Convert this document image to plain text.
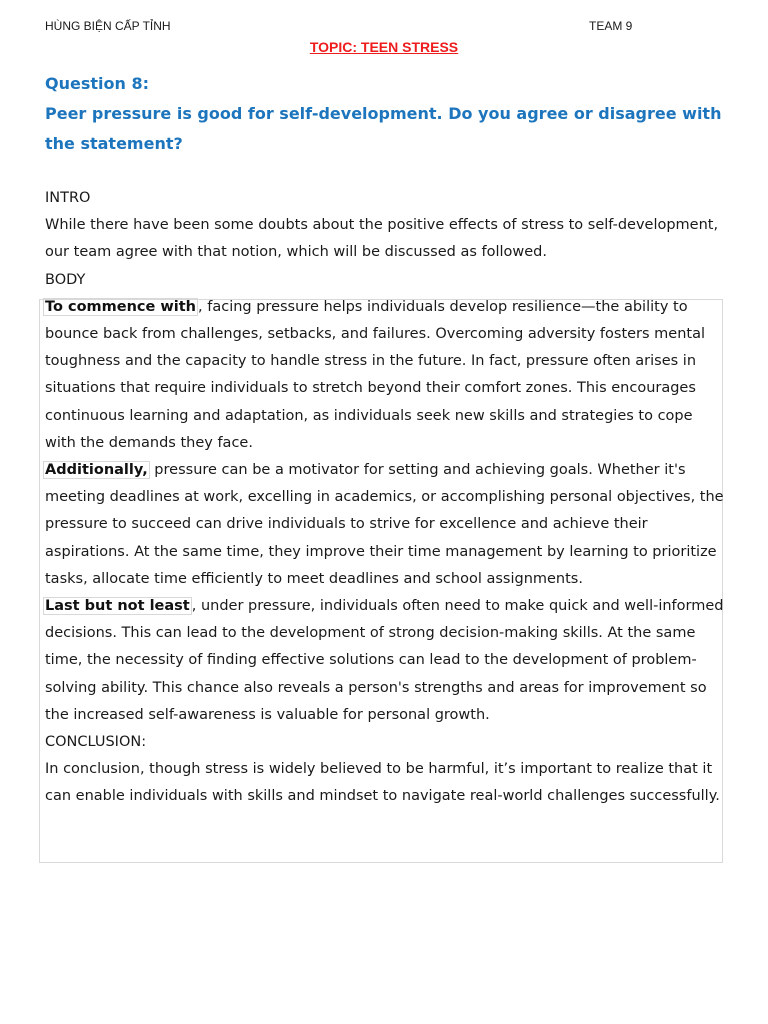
HÙNG BIỆN CẤP TỈNH	TEAM 9
TOPIC: TEEN STRESS
Question 8:
Peer pressure is good for self-development. Do you agree or disagree with the statement?

INTRO

While there have been some doubts about the positive effects of stress to self-development, our team agree with that notion, which will be discussed as followed.

BODY

To commence with , facing pressure helps individuals develop resilience—the ability to bounce back from challenges, setbacks, and failures. Overcoming adversity fosters mental toughness and the capacity to handle stress in the future. In fact, pressure often arises in situations that require individuals to stretch beyond their comfort zones. This encourages continuous learning and adaptation, as individuals seek new skills and strategies to cope with the demands they face.

Additionally, pressure can be a motivator for setting and achieving goals. Whether it's meeting deadlines at work, excelling in academics, or accomplishing personal objectives, the pressure to succeed can drive individuals to strive for excellence and achieve their aspirations. At the same time, they improve their time management by learning to prioritize tasks, allocate time efficiently to meet deadlines and school assignments.

Last but not least , under pressure, individuals often need to make quick and well-informed decisions. This can lead to the development of strong decision-making skills. At the same time, the necessity of finding effective solutions can lead to the development of problem-solving ability. This chance also reveals a person's strengths and areas for improvement so the increased self-awareness is valuable for personal growth.

CONCLUSION:

In conclusion, though stress is widely believed to be harmful, it’s important to realize that it can enable individuals with skills and mindset to navigate real-world challenges successfully.
